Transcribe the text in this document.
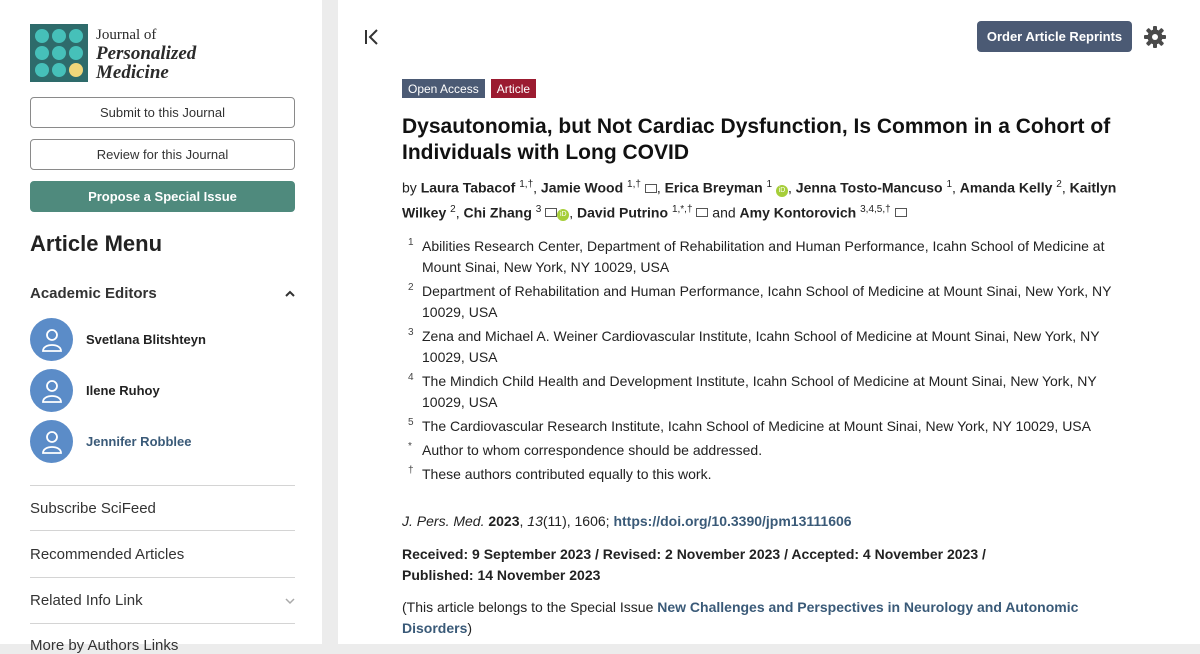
Journal of
Personalized
Medicine
Submit to this Journal
Review for this Journal
Propose a Special Issue
Article Menu
Academic Editors
Svetlana Blitshteyn
Ilene Ruhoy
Jennifer Robblee
Subscribe SciFeed
Recommended Articles
Related Info Link
More by Authors Links
Order Article Reprints
Open Access	Article
Dysautonomia, but Not Cardiac Dysfunction, Is Common in a Cohort of Individuals with Long COVID
by Laura Tabacof $^{1,\dagger}$, Jamie Wood $^{1,\dagger}$ , Erica Breyman $^1$ iD , Jenna Tosto-Mancuso $^1$, Amanda Kelly $^2$, Kaitlyn Wilkey $^2$, Chi Zhang $^3$ iD , David Putrino $^{1,*,\dagger}$ and Amy Kontorovich $^{3,4,5,\dagger}$
1 Abilities Research Center, Department of Rehabilitation and Human Performance, Icahn School of Medicine at Mount Sinai, New York, NY 10029, USA
2 Department of Rehabilitation and Human Performance, Icahn School of Medicine at Mount Sinai, New York, NY 10029, USA
3 Zena and Michael A. Weiner Cardiovascular Institute, Icahn School of Medicine at Mount Sinai, New York, NY 10029, USA
4 The Mindich Child Health and Development Institute, Icahn School of Medicine at Mount Sinai, New York, NY 10029, USA
5 The Cardiovascular Research Institute, Icahn School of Medicine at Mount Sinai, New York, NY 10029, USA
* Author to whom correspondence should be addressed.
† These authors contributed equally to this work.
J. Pers. Med. 2023, 13(11), 1606; https://doi.org/10.3390/jpm13111606
Received: 9 September 2023 / Revised: 2 November 2023 / Accepted: 4 November 2023 / Published: 14 November 2023
(This article belongs to the Special Issue New Challenges and Perspectives in Neurology and Autonomic Disorders)
